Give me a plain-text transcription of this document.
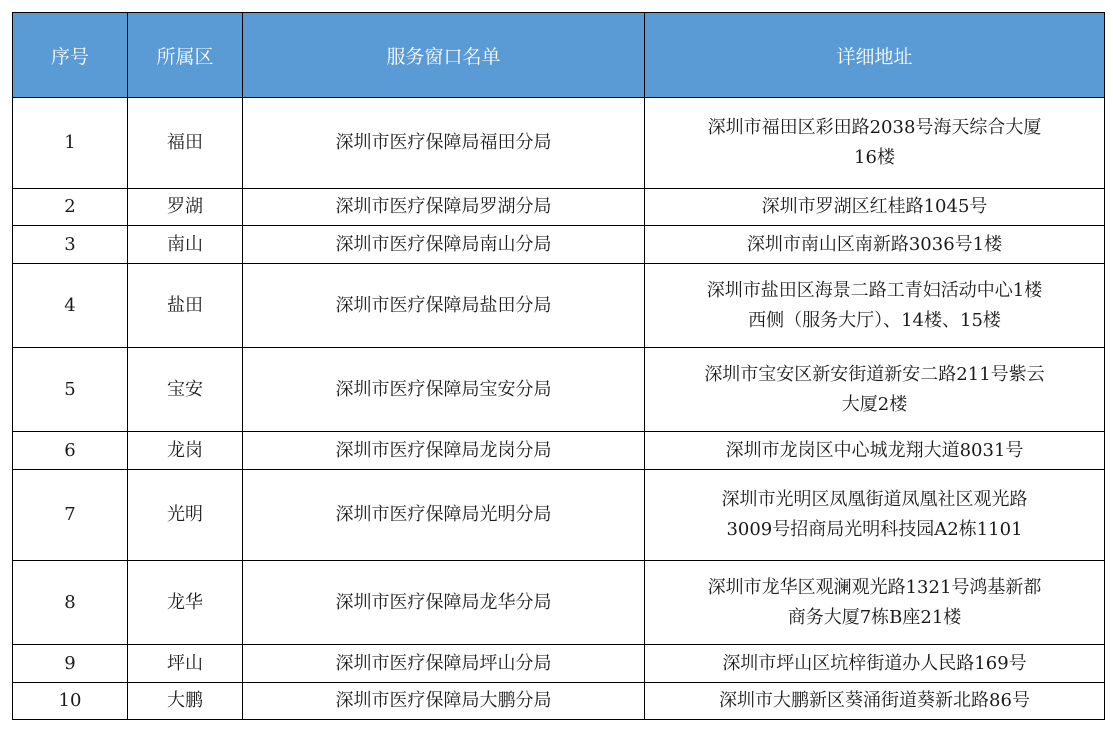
序号	所属区	服务窗口名单	详细地址
1	福田	深圳市医疗保障局福田分局	深圳市福田区彩田路2038号海天综合大厦
16楼

2	罗湖	深圳市医疗保障局罗湖分局	深圳市罗湖区红桂路1045号

3	南山	深圳市医疗保障局南山分局	深圳市南山区南新路3036号1楼

4	盐田	深圳市医疗保障局盐田分局	深圳市盐田区海景二路工青妇活动中心1楼
西侧（服务大厅）、14楼、15楼

5	宝安	深圳市医疗保障局宝安分局	深圳市宝安区新安街道新安二路211号紫云
大厦2楼

6	龙岗	深圳市医疗保障局龙岗分局	深圳市龙岗区中心城龙翔大道8031号

7	光明	深圳市医疗保障局光明分局	深圳市光明区凤凰街道凤凰社区观光路
3009号招商局光明科技园A2栋1101

8	龙华	深圳市医疗保障局龙华分局	深圳市龙华区观澜观光路1321号鸿基新都
商务大厦7栋B座21楼

9	坪山	深圳市医疗保障局坪山分局	深圳市坪山区坑梓街道办人民路169号

10	大鹏	深圳市医疗保障局大鹏分局	深圳市大鹏新区葵涌街道葵新北路86号
